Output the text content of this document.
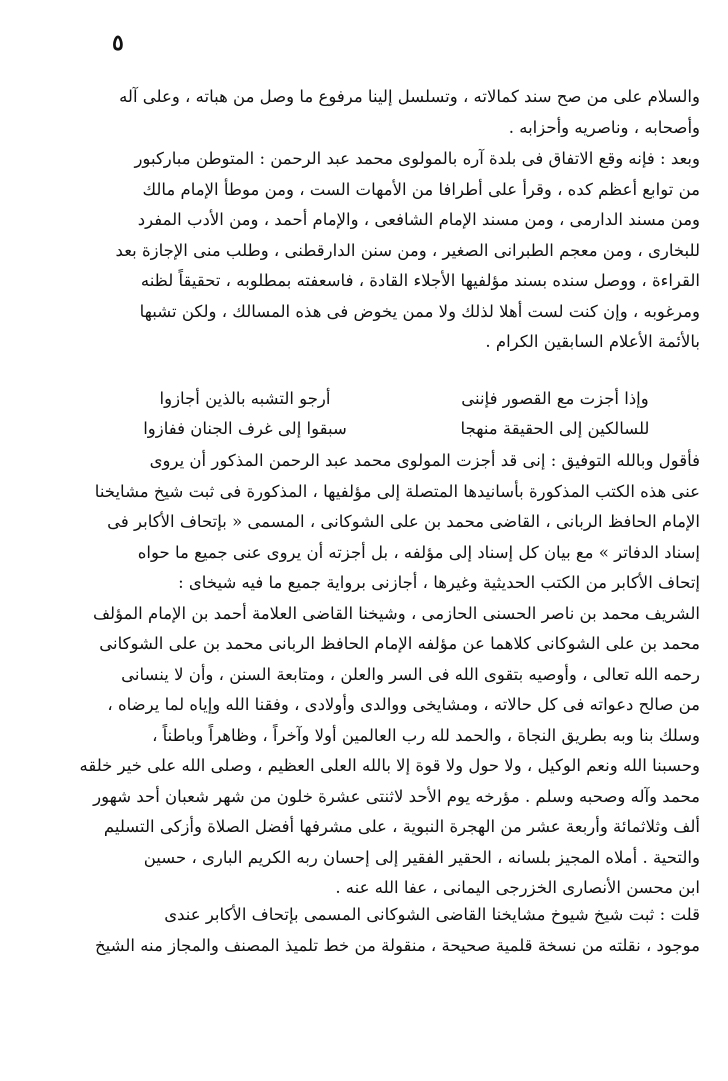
٥
والسلام على من صح سند كمالاته ، وتسلسل إلينا مرفوع ما وصل من هباته ، وعلى آله
وأصحابه ، وناصريه وأحزابه .
وبعد : فإنه وقع الاتفاق فى بلدة آره بالمولوى محمد عبد الرحمن : المتوطن مباركبور
من توابع أعظم كده ، وقرأ على أطرافا من الأمهات الست ، ومن موطأ الإمام مالك
ومن مسند الدارمى ، ومن مسند الإمام الشافعى ، والإمام أحمد ، ومن الأدب المفرد
للبخارى ، ومن معجم الطبرانى الصغير ، ومن سنن الدارقطنى ، وطلب منى الإجازة بعد
القراءة ، ووصل سنده بسند مؤلفيها الأجلاء القادة ، فاسعفته بمطلوبه ، تحقيقاً لظنه
ومرغوبه ، وإن كنت لست أهلا لذلك ولا ممن يخوض فى هذه المسالك ، ولكن تشبها
بالأئمة الأعلام السابقين الكرام .
وإذا أجزت مع القصور فإننى
أرجو التشبه بالذين أجازوا
للسالكين إلى الحقيقة منهجا
سبقوا إلى غرف الجنان ففازوا
فأقول وبالله التوفيق : إنى قد أجزت المولوى محمد عبد الرحمن المذكور أن يروى
عنى هذه الكتب المذكورة بأسانيدها المتصلة إلى مؤلفيها ، المذكورة فى ثبت شيخ مشايخنا
الإمام الحافظ الربانى ، القاضى محمد بن على الشوكانى ، المسمى « بإتحاف الأكابر فى
إسناد الدفاتر » مع بيان كل إسناد إلى مؤلفه ، بل أجزته أن يروى عنى جميع ما حواه
إتحاف الأكابر من الكتب الحديثية وغيرها ، أجازنى برواية جميع ما فيه شيخاى :
الشريف محمد بن ناصر الحسنى الحازمى ، وشيخنا القاضى العلامة أحمد بن الإمام المؤلف
محمد بن على الشوكانى كلاهما عن مؤلفه الإمام الحافظ الربانى محمد بن على الشوكانى
رحمه الله تعالى ، وأوصيه بتقوى الله فى السر والعلن ، ومتابعة السنن ، وأن لا ينسانى
من صالح دعواته فى كل حالاته ، ومشايخى ووالدى وأولادى ، وفقنا الله وإياه لما يرضاه ،
وسلك بنا وبه بطريق النجاة ، والحمد لله رب العالمين أولا وآخراً ، وظاهراً وباطناً ،
وحسبنا الله ونعم الوكيل ، ولا حول ولا قوة إلا بالله العلى العظيم ، وصلى الله على خير خلقه
محمد وآله وصحبه وسلم . مؤرخه يوم الأحد لاثنتى عشرة خلون من شهر شعبان أحد شهور
ألف وثلاثمائة وأربعة عشر من الهجرة النبوية ، على مشرفها أفضل الصلاة وأزكى التسليم
والتحية . أملاه المجيز بلسانه ، الحقير الفقير إلى إحسان ربه الكريم البارى ، حسين
ابن محسن الأنصارى الخزرجى اليمانى ، عفا الله عنه .
قلت : ثبت شيخ شيوخ مشايخنا القاضى الشوكانى المسمى بإتحاف الأكابر عندى
موجود ، نقلته من نسخة قلمية صحيحة ، منقولة من خط تلميذ المصنف والمجاز منه الشيخ
